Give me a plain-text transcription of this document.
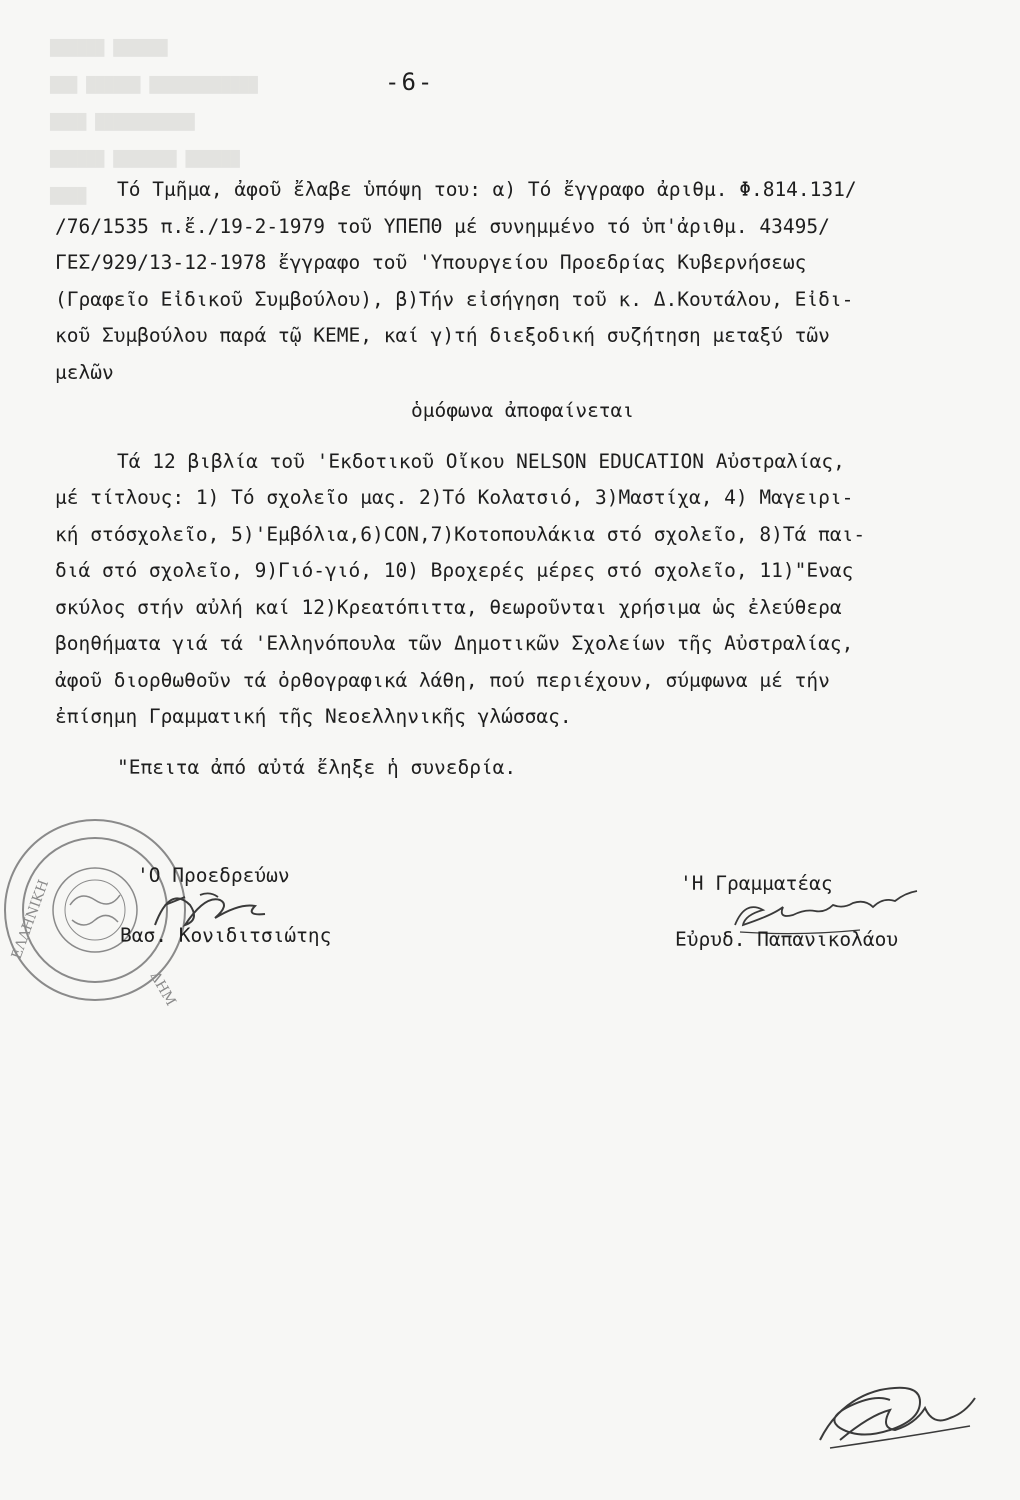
██████ ██████
███ ██████ ████████████
████ ███████████
██████ ███████ ██████
████
-6-
Τό Τμῆμα, ἀφοῦ ἔλαβε ὑπόψη του: α) Τό ἔγγραφο ἀριθμ. Φ.814.131/
/76/1535 π.ἔ./19-2-1979 τοῦ ΥΠΕΠΘ μέ συνημμένο τό ὑπ'ἀριθμ. 43495/
ΓΕΣ/929/13-12-1978 ἔγγραφο τοῦ 'Υπουργείου Προεδρίας Κυβερνήσεως
(Γραφεῖο Εἰδικοῦ Συμβούλου), β)Τήν εἰσήγηση τοῦ κ. Δ.Κουτάλου, Εἰδι-
κοῦ Συμβούλου παρά τῷ ΚΕΜΕ, καί γ)τή διεξοδική συζήτηση μεταξύ τῶν
μελῶν
ὁμόφωνα ἀποφαίνεται
Τά 12 βιβλία τοῦ 'Εκδοτικοῦ Οἴκου NELSON EDUCATION Αὐστραλίας,
μέ τίτλους: 1) Τό σχολεῖο μας. 2)Τό Κολατσιό, 3)Μαστίχα, 4) Μαγειρι-
κή στόσχολεῖο, 5)'Εμβόλια,6)CON,7)Κοτοπουλάκια στό σχολεῖο, 8)Τά παι-
διά στό σχολεῖο, 9)Γιό-γιό, 10) Βροχερές μέρες στό σχολεῖο, 11)"Ενας
σκύλος στήν αὐλή καί 12)Κρεατόπιττα, θεωροῦνται χρήσιμα ὡς ἐλεύθερα
βοηθήματα γιά τά 'Ελληνόπουλα τῶν Δημοτικῶν Σχολείων τῆς Αὐστραλίας,
ἀφοῦ διορθωθοῦν τά ὀρθογραφικά λάθη, πού περιέχουν, σύμφωνα μέ τήν
ἐπίσημη Γραμματική τῆς Νεοελληνικῆς γλώσσας.
"Επειτα ἀπό αὐτά ἔληξε ἡ συνεδρία.
ΕΛΛΗΝΙΚΗ
ΔΗΜ
'Ο Προεδρεύων
Βασ. Κονιδιτσιώτης
'Η Γραμματέας
Εὐρυδ. Παπανικολάου
